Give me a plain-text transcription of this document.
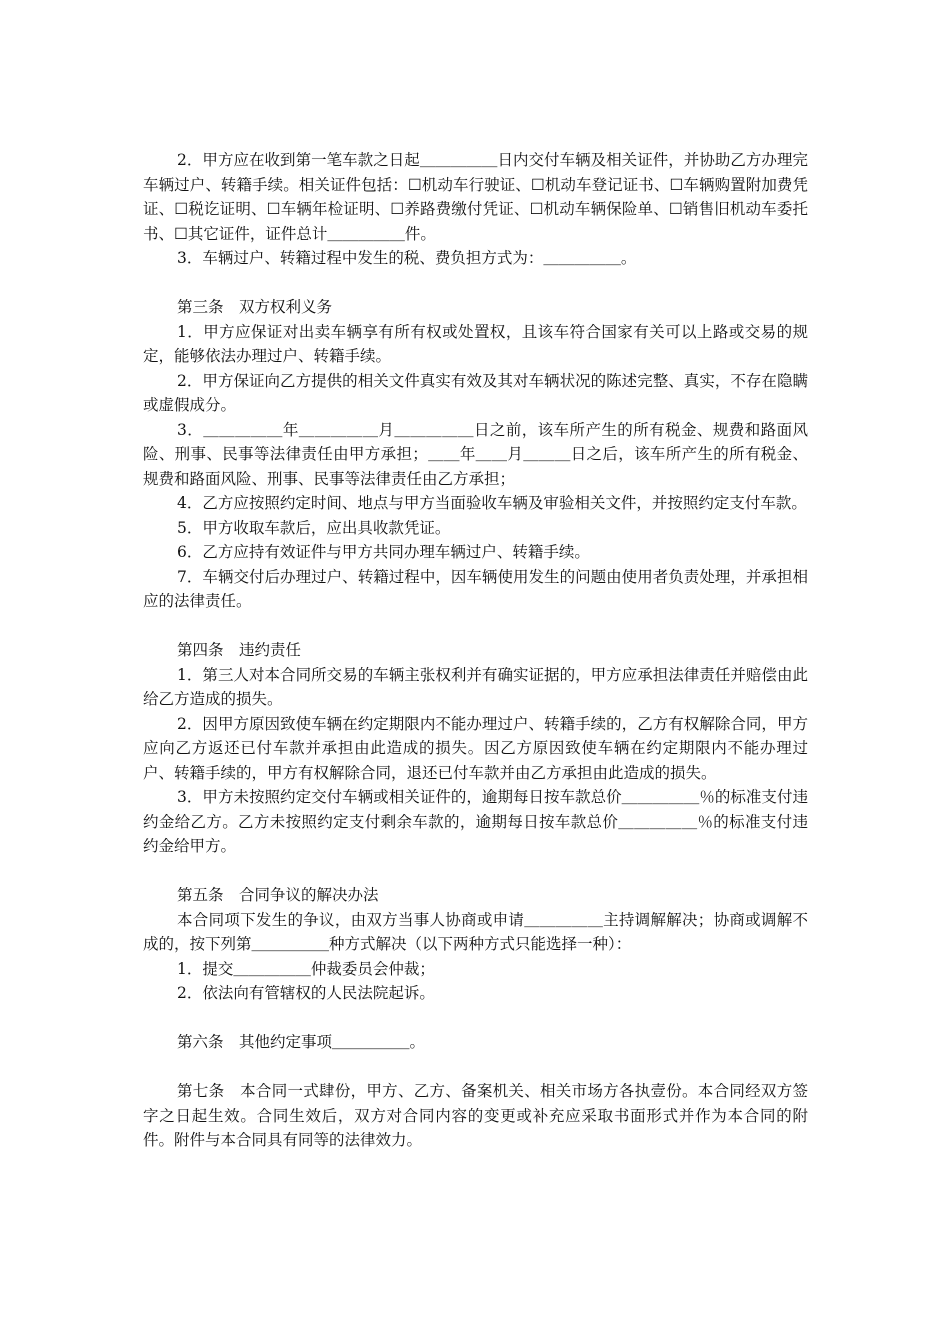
2．甲方应在收到第一笔车款之日起＿＿＿＿＿日内交付车辆及相关证件，并协助乙方办理完车辆过户、转籍手续。相关证件包括：☐机动车行驶证、☐机动车登记证书、☐车辆购置附加费凭证、☐税讫证明、☐车辆年检证明、☐养路费缴付凭证、☐机动车辆保险单、☐销售旧机动车委托书、☐其它证件，证件总计＿＿＿＿＿件。

3．车辆过户、转籍过程中发生的税、费负担方式为：＿＿＿＿＿。

第三条　双方权利义务

1．甲方应保证对出卖车辆享有所有权或处置权，且该车符合国家有关可以上路或交易的规定，能够依法办理过户、转籍手续。

2．甲方保证向乙方提供的相关文件真实有效及其对车辆状况的陈述完整、真实，不存在隐瞒或虚假成分。

3．＿＿＿＿＿年＿＿＿＿＿月＿＿＿＿＿日之前，该车所产生的所有税金、规费和路面风险、刑事、民事等法律责任由甲方承担；＿＿年＿＿月＿＿＿日之后，该车所产生的所有税金、规费和路面风险、刑事、民事等法律责任由乙方承担；

4．乙方应按照约定时间、地点与甲方当面验收车辆及审验相关文件，并按照约定支付车款。

5．甲方收取车款后，应出具收款凭证。

6．乙方应持有效证件与甲方共同办理车辆过户、转籍手续。

7．车辆交付后办理过户、转籍过程中，因车辆使用发生的问题由使用者负责处理，并承担相应的法律责任。

第四条　违约责任

1．第三人对本合同所交易的车辆主张权利并有确实证据的，甲方应承担法律责任并赔偿由此给乙方造成的损失。

2．因甲方原因致使车辆在约定期限内不能办理过户、转籍手续的，乙方有权解除合同，甲方应向乙方返还已付车款并承担由此造成的损失。因乙方原因致使车辆在约定期限内不能办理过户、转籍手续的，甲方有权解除合同，退还已付车款并由乙方承担由此造成的损失。

3．甲方未按照约定交付车辆或相关证件的，逾期每日按车款总价＿＿＿＿＿％的标准支付违约金给乙方。乙方未按照约定支付剩余车款的，逾期每日按车款总价＿＿＿＿＿％的标准支付违约金给甲方。

第五条　合同争议的解决办法

本合同项下发生的争议，由双方当事人协商或申请＿＿＿＿＿主持调解解决；协商或调解不成的，按下列第＿＿＿＿＿种方式解决（以下两种方式只能选择一种）：

1．提交＿＿＿＿＿仲裁委员会仲裁；

2．依法向有管辖权的人民法院起诉。

第六条　其他约定事项＿＿＿＿＿。

第七条　本合同一式肆份，甲方、乙方、备案机关、相关市场方各执壹份。本合同经双方签字之日起生效。合同生效后，双方对合同内容的变更或补充应采取书面形式并作为本合同的附件。附件与本合同具有同等的法律效力。
